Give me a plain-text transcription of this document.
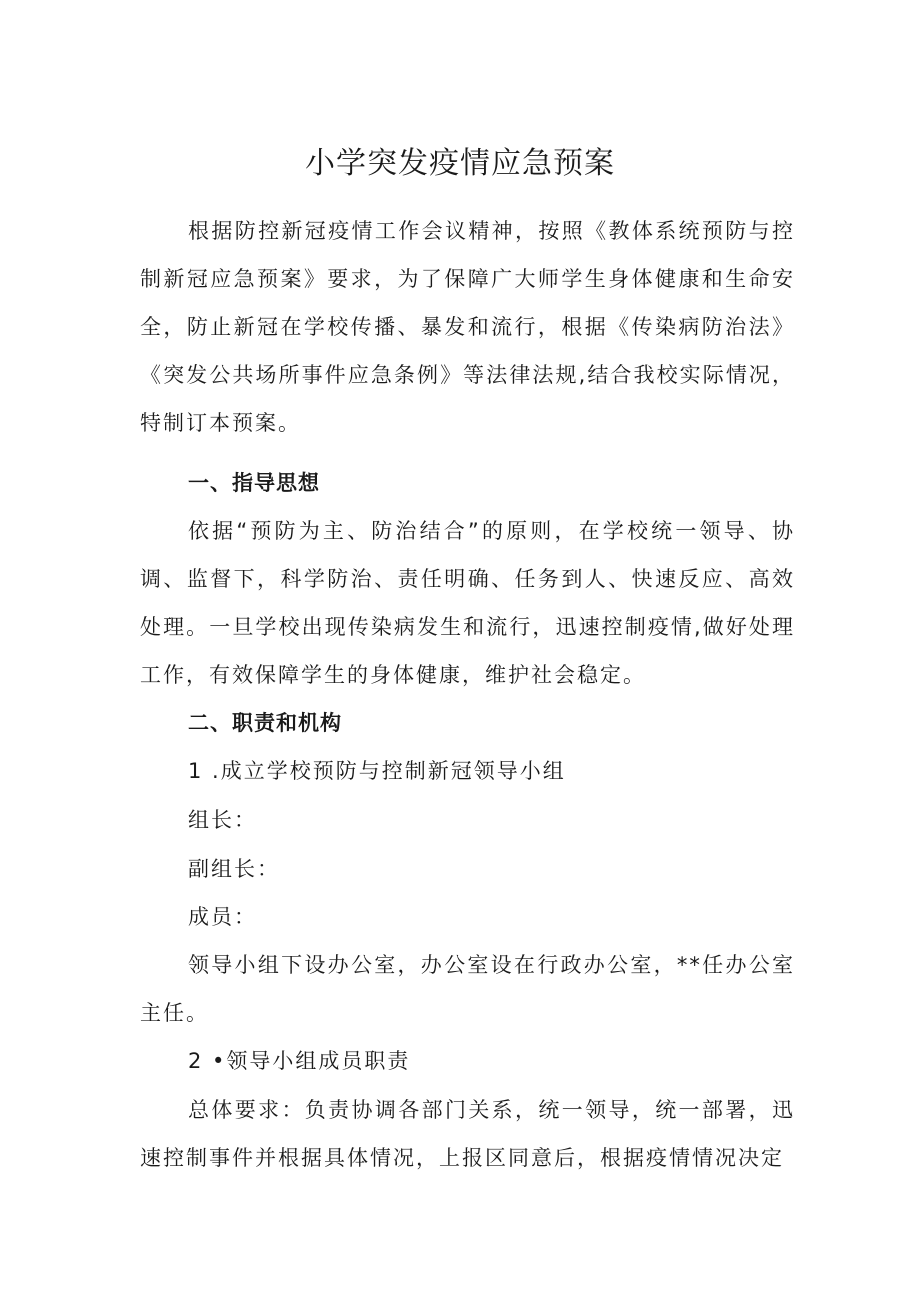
小学突发疫情应急预案

根据防控新冠疫情工作会议精神，按照《教体系统预防与控制新冠应急预案》要求，为了保障广大师学生身体健康和生命安全，防止新冠在学校传播、暴发和流行，根据《传染病防治法》《突发公共场所事件应急条例》等法律法规,结合我校实际情况，特制订本预案。

一、指导思想

依据“预防为主、防治结合”的原则，在学校统一领导、协调、监督下，科学防治、责任明确、任务到人、快速反应、高效处理。一旦学校出现传染病发生和流行，迅速控制疫情,做好处理工作，有效保障学生的身体健康，维护社会稳定。

二、职责和机构
1 .成立学校预防与控制新冠领导小组
组长：
副组长：
成员：

领导小组下设办公室，办公室设在行政办公室，**任办公室主任。

2 •领导小组成员职责

总体要求：负责协调各部门关系，统一领导，统一部署，迅速控制事件并根据具体情况，上报区同意后，根据疫情情况决定
